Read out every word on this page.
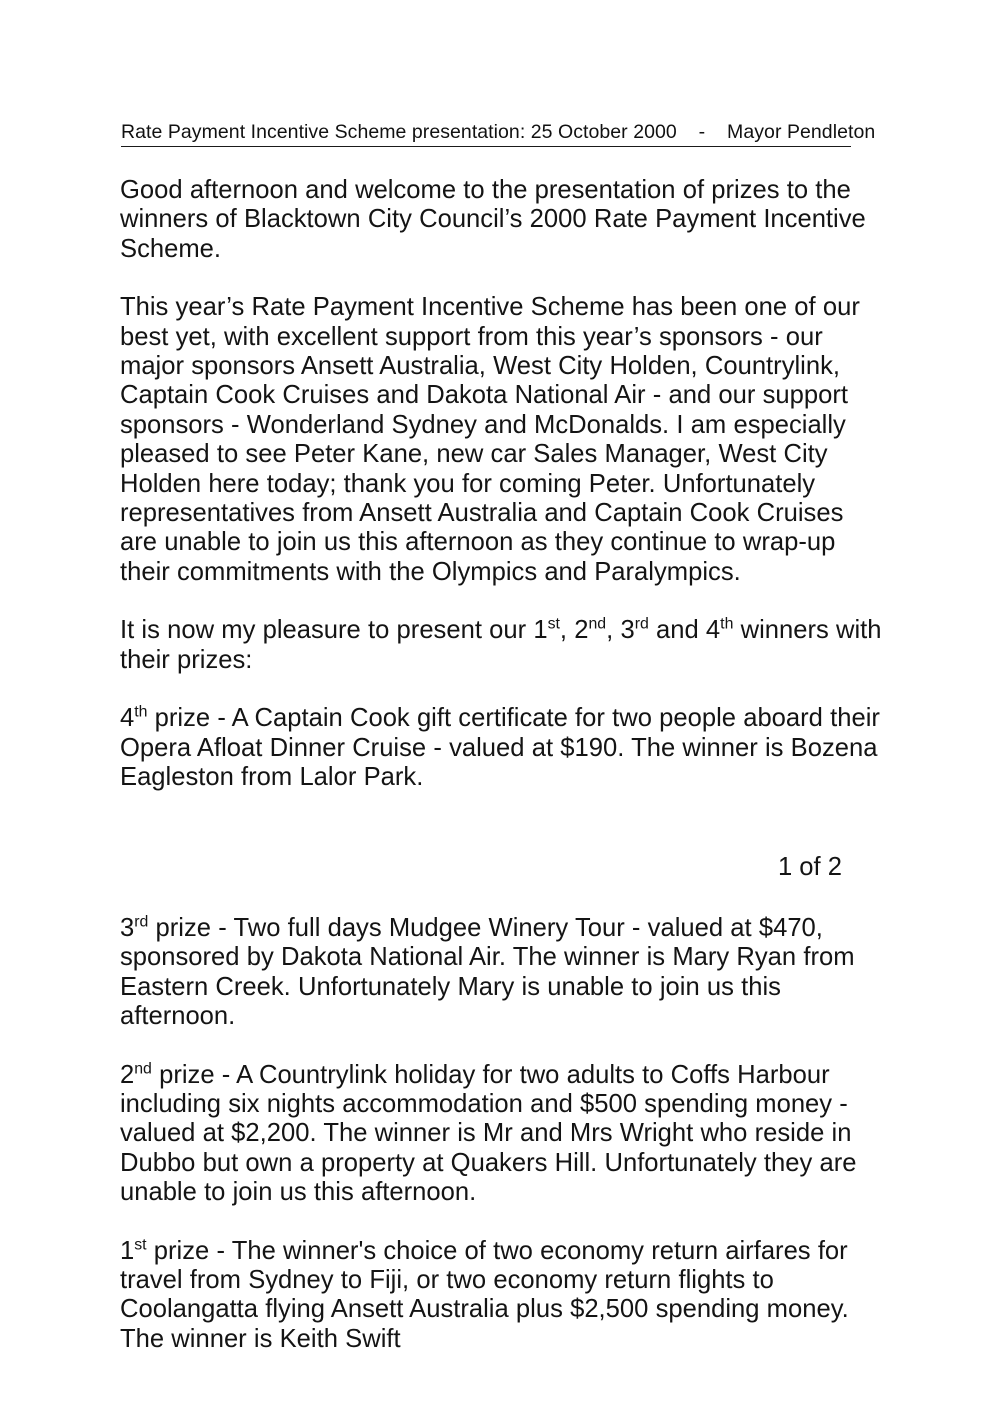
Rate Payment Incentive Scheme presentation: 25 October 2000    -    Mayor Pendleton

Good afternoon and welcome to the presentation of prizes to the winners of Blacktown City Council’s 2000 Rate Payment Incentive Scheme.

This year’s Rate Payment Incentive Scheme has been one of our best yet, with excellent support from this year’s sponsors - our major sponsors Ansett Australia, West City Holden, Countrylink, Captain Cook Cruises and Dakota National Air - and our support sponsors - Wonderland Sydney and McDonalds. I am especially pleased to see Peter Kane, new car Sales Manager, West City Holden here today; thank you for coming Peter. Unfortunately representatives from Ansett Australia and Captain Cook Cruises are unable to join us this afternoon as they continue to wrap-up their commitments with the Olympics and Paralympics.

It is now my pleasure to present our 1st, 2nd, 3rd and 4th winners with their prizes:

4th prize - A Captain Cook gift certificate for two people aboard their Opera Afloat Dinner Cruise - valued at $190. The winner is Bozena Eagleston from Lalor Park.

1 of 2

3rd prize - Two full days Mudgee Winery Tour - valued at $470, sponsored by Dakota National Air. The winner is Mary Ryan from Eastern Creek. Unfortunately Mary is unable to join us this afternoon.

2nd prize - A Countrylink holiday for two adults to Coffs Harbour including six nights accommodation and $500 spending money - valued at $2,200. The winner is Mr and Mrs Wright who reside in Dubbo but own a property at Quakers Hill. Unfortunately they are unable to join us this afternoon.

1st prize - The winner's choice of two economy return airfares for travel from Sydney to Fiji, or two economy return flights to Coolangatta flying Ansett Australia plus $2,500 spending money. The winner is Keith Swift
